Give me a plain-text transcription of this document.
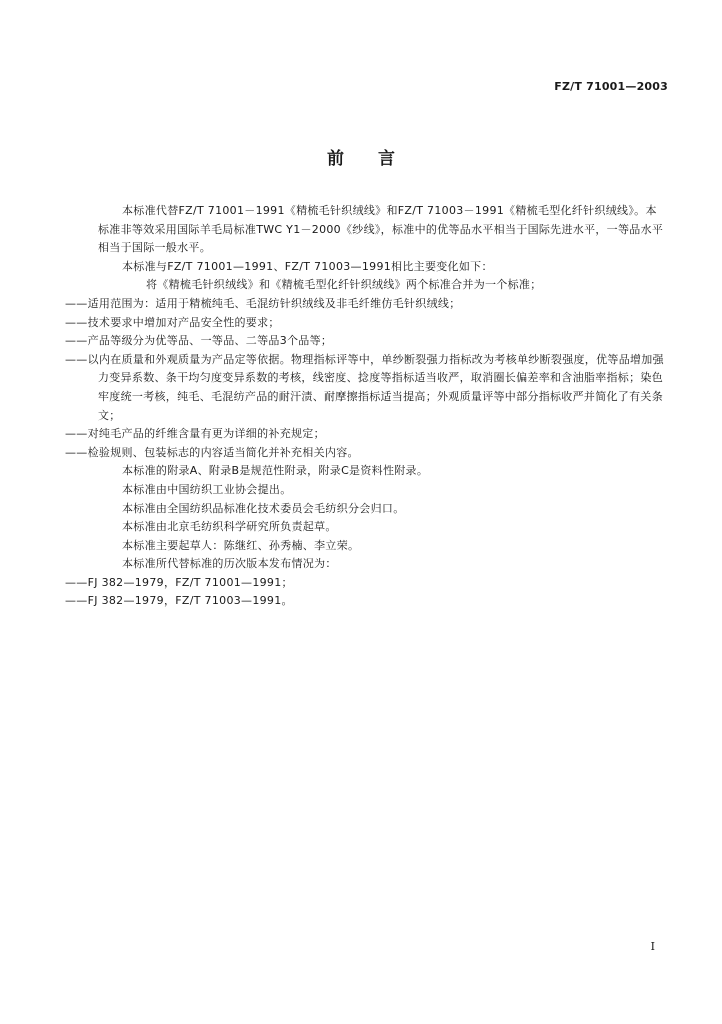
FZ/T 71001—2003
前言

本标准代替FZ/T 71001－1991《精梳毛针织绒线》和FZ/T 71003－1991《精梳毛型化纤针织绒线》。本标准非等效采用国际羊毛局标准TWC Y1－2000《纱线》，标准中的优等品水平相当于国际先进水平，一等品水平相当于国际一般水平。

本标准与FZ/T 71001—1991、FZ/T 71003—1991相比主要变化如下：

将《精梳毛针织绒线》和《精梳毛型化纤针织绒线》两个标准合并为一个标准；

——适用范围为：适用于精梳纯毛、毛混纺针织绒线及非毛纤维仿毛针织绒线；

——技术要求中增加对产品安全性的要求；

——产品等级分为优等品、一等品、二等品3个品等；

——以内在质量和外观质量为产品定等依据。物理指标评等中，单纱断裂强力指标改为考核单纱断裂强度，优等品增加强力变异系数、条干均匀度变异系数的考核，线密度、捻度等指标适当收严，取消圈长偏差率和含油脂率指标；染色牢度统一考核，纯毛、毛混纺产品的耐汗渍、耐摩擦指标适当提高；外观质量评等中部分指标收严并简化了有关条文；

——对纯毛产品的纤维含量有更为详细的补充规定；

——检验规则、包装标志的内容适当简化并补充相关内容。

本标准的附录A、附录B是规范性附录，附录C是资料性附录。

本标准由中国纺织工业协会提出。

本标准由全国纺织品标准化技术委员会毛纺织分会归口。

本标准由北京毛纺织科学研究所负责起草。

本标准主要起草人：陈继红、孙秀楠、李立荣。

本标准所代替标准的历次版本发布情况为：

——FJ 382—1979，FZ/T 71001—1991；

——FJ 382—1979，FZ/T 71003—1991。

I
